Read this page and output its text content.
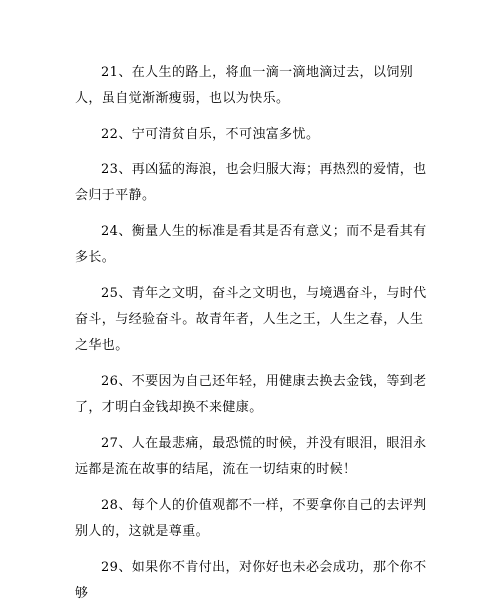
21、在人生的路上，将血一滴一滴地滴过去，以饲别人，虽自觉渐渐瘦弱，也以为快乐。

22、宁可清贫自乐，不可浊富多忧。

23、再凶猛的海浪，也会归服大海；再热烈的爱情，也会归于平静。

24、衡量人生的标准是看其是否有意义；而不是看其有多长。

25、青年之文明，奋斗之文明也，与境遇奋斗，与时代奋斗，与经验奋斗。故青年者，人生之王，人生之春，人生之华也。

26、不要因为自己还年轻，用健康去换去金钱，等到老了，才明白金钱却换不来健康。

27、人在最悲痛，最恐慌的时候，并没有眼泪，眼泪永远都是流在故事的结尾，流在一切结束的时候！

28、每个人的价值观都不一样，不要拿你自己的去评判别人的，这就是尊重。

29、如果你不肯付出，对你好也未必会成功，那个你不够
